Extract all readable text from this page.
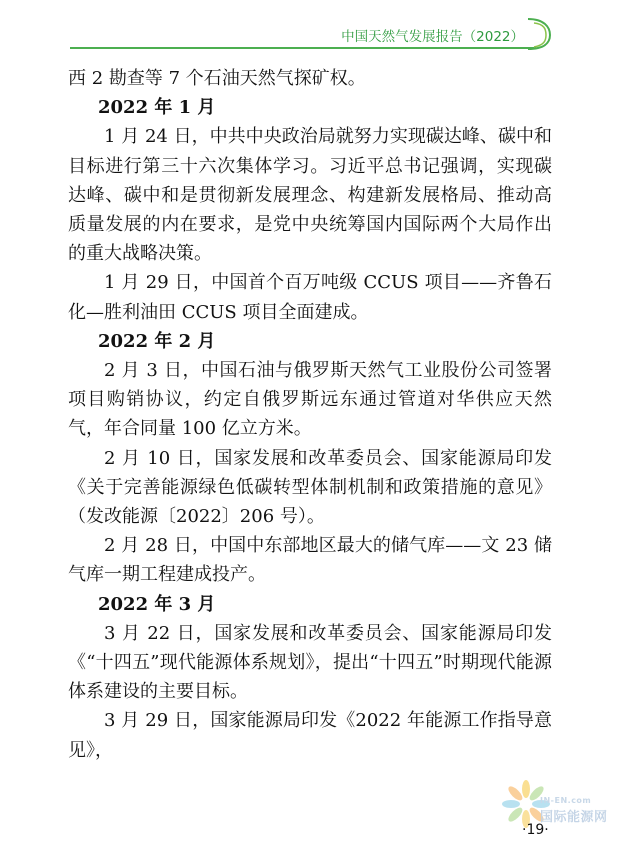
中国天然气发展报告（2022）

西 2 勘查等 7 个石油天然气探矿权。

2022 年 1 月

1 月 24 日，中共中央政治局就努力实现碳达峰、碳中和目标进行第三十六次集体学习。习近平总书记强调，实现碳达峰、碳中和是贯彻新发展理念、构建新发展格局、推动高质量发展的内在要求，是党中央统筹国内国际两个大局作出的重大战略决策。

1 月 29 日，中国首个百万吨级 CCUS 项目——齐鲁石化—胜利油田 CCUS 项目全面建成。

2022 年 2 月

2 月 3 日，中国石油与俄罗斯天然气工业股份公司签署项目购销协议，约定自俄罗斯远东通过管道对华供应天然气，年合同量 100 亿立方米。

2 月 10 日，国家发展和改革委员会、国家能源局印发《关于完善能源绿色低碳转型体制机制和政策措施的意见》（发改能源〔2022〕206 号）。

2 月 28 日，中国中东部地区最大的储气库——文 23 储气库一期工程建成投产。

2022 年 3 月

3 月 22 日，国家发展和改革委员会、国家能源局印发《“十四五”现代能源体系规划》，提出“十四五”时期现代能源体系建设的主要目标。

3 月 29 日，国家能源局印发《2022 年能源工作指导意见》，

IN-EN.com
国际能源网
·19·
